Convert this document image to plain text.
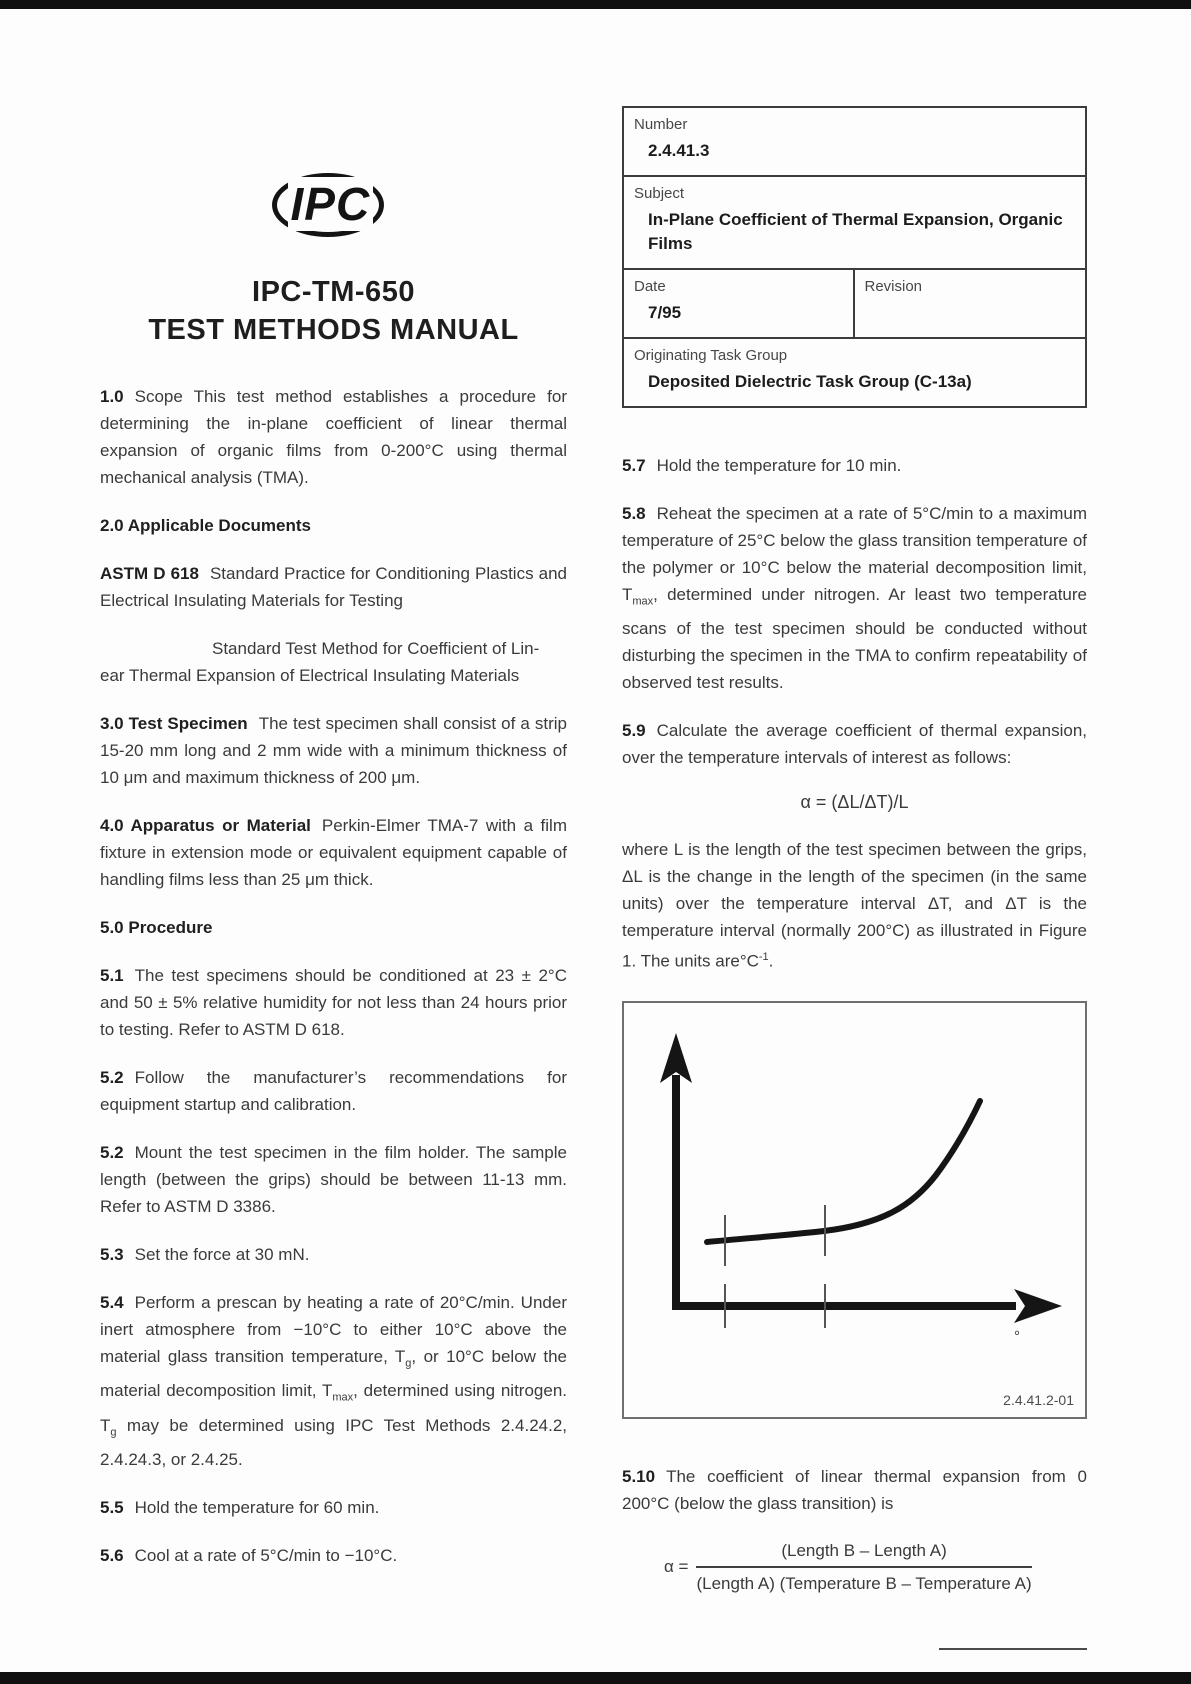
IPC
IPC-TM-650
TEST METHODS MANUAL

1.0 Scope This test method establishes a procedure for determining the in-plane coefficient of linear thermal expansion of organic films from 0-200°C using thermal mechanical analysis (TMA).

2.0 Applicable Documents

ASTM D 618 Standard Practice for Conditioning Plastics and Electrical Insulating Materials for Testing

Standard Test Method for Coefficient of Lin-
ear Thermal Expansion of Electrical Insulating Materials

3.0 Test Specimen The test specimen shall consist of a strip 15-20 mm long and 2 mm wide with a minimum thickness of 10 μm and maximum thickness of 200 μm.

4.0 Apparatus or Material Perkin-Elmer TMA-7 with a film fixture in extension mode or equivalent equipment capable of handling films less than 25 μm thick.

5.0 Procedure

5.1 The test specimens should be conditioned at 23 ± 2°C and 50 ± 5% relative humidity for not less than 24 hours prior to testing. Refer to ASTM D 618.

5.2 Follow the manufacturer’s recommendations for equipment startup and calibration.

5.2 Mount the test specimen in the film holder. The sample length (between the grips) should be between 11-13 mm. Refer to ASTM D 3386.

5.3 Set the force at 30 mN.

5.4 Perform a prescan by heating a rate of 20°C/min. Under inert atmosphere from −10°C to either 10°C above the material glass transition temperature, $T_g$, or 10°C below the material decomposition limit, $T_{max}$, determined using nitrogen. $T_g$ may be determined using IPC Test Methods 2.4.24.2, 2.4.24.3, or 2.4.25.

5.5 Hold the temperature for 60 min.

5.6 Cool at a rate of 5°C/min to −10°C.

Number
2.4.41.3
Subject
In-Plane Coefficient of Thermal Expansion, Organic Films
Date
7/95
Revision
Originating Task Group
Deposited Dielectric Task Group (C-13a)

5.7 Hold the temperature for 10 min.

5.8 Reheat the specimen at a rate of 5°C/min to a maximum temperature of 25°C below the glass transition temperature of the polymer or 10°C below the material decomposition limit, $T_{max}$, determined under nitrogen. Ar least two temperature scans of the test specimen should be conducted without disturbing the specimen in the TMA to confirm repeatability of observed test results.

5.9 Calculate the average coefficient of thermal expansion, over the temperature intervals of interest as follows:

α = (ΔL/ΔT)/L

where L is the length of the test specimen between the grips, ΔL is the change in the length of the specimen (in the same units) over the temperature interval ΔT, and ΔT is the temperature interval (normally 200°C) as illustrated in Figure 1. The units $are^\circ C^{-1}$.

°
2.4.41.2-01

5.10 The coefficient of linear thermal expansion from 0 200°C (below the glass transition) is

$\alpha = \frac{\text{(Length B – Length A)}}{\text{(Length A) (Temperature B – Temperature A)}}$
